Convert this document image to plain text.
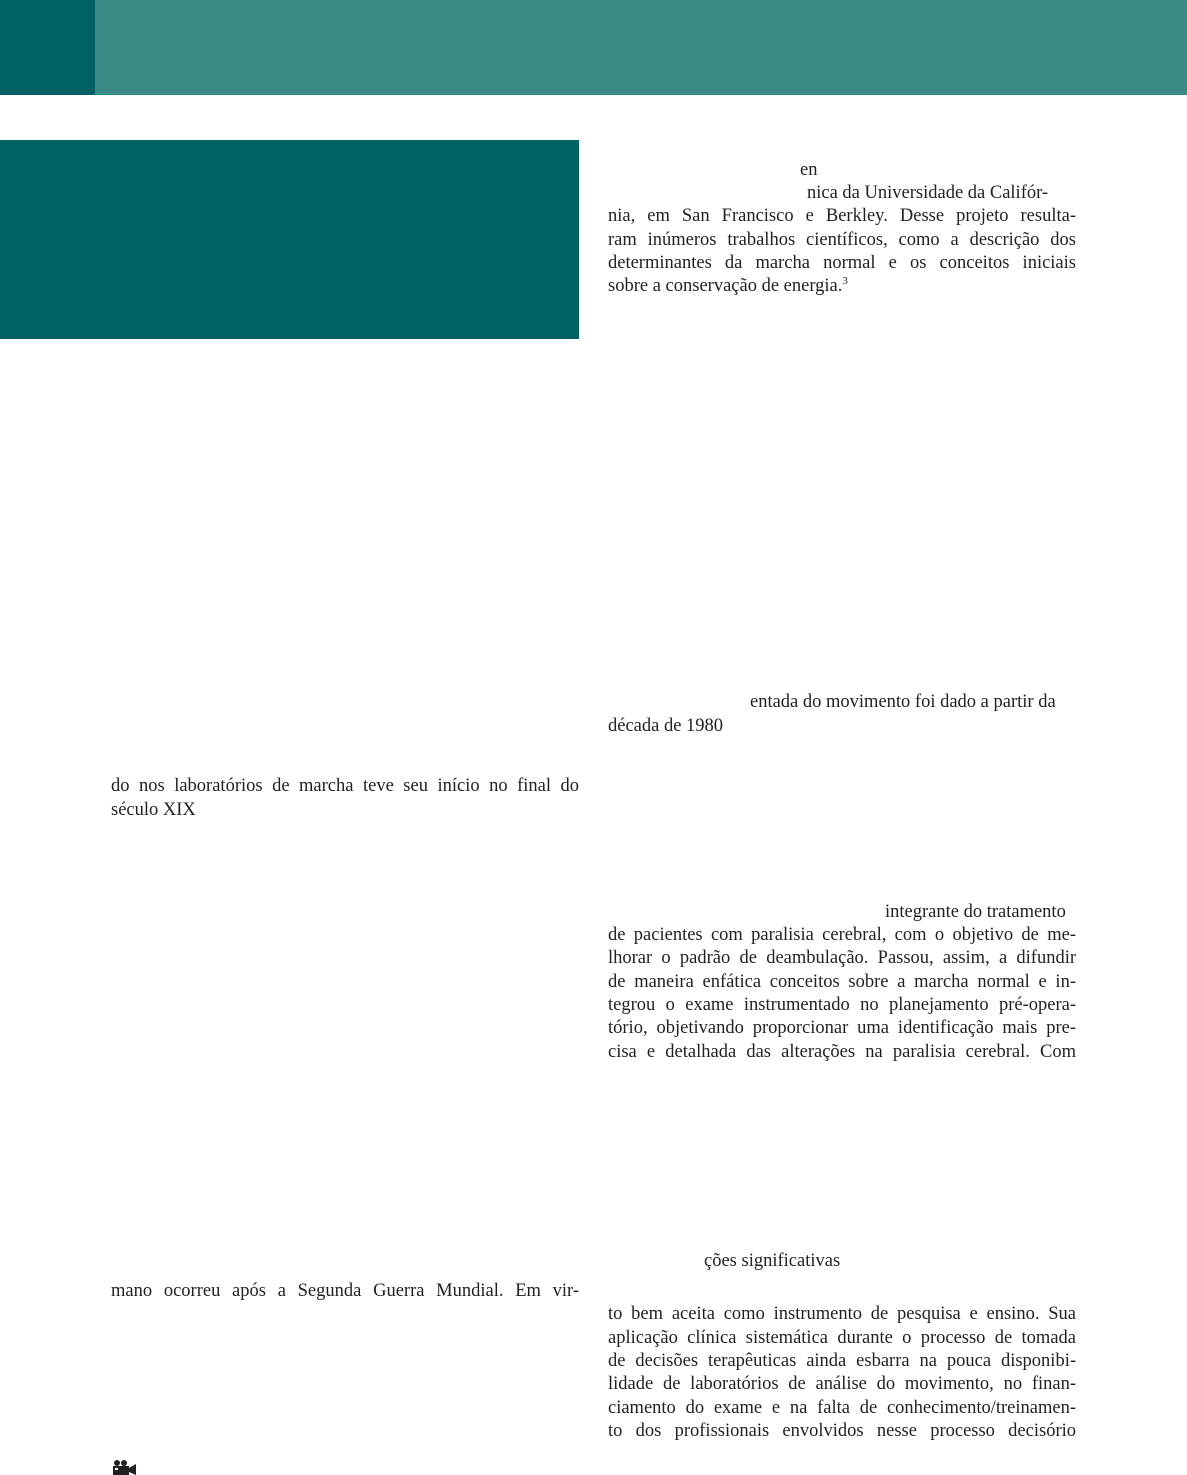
en
nica da Universidade da Califór-
nia, em San Francisco e Berkley. Desse projeto resulta-
ram inúmeros trabalhos científicos, como a descrição dos
determinantes da marcha normal e os conceitos iniciais
sobre a conservação de energia.$^3$
entada do movimento foi dado a partir da
década de 1980
do nos laboratórios de marcha teve seu início no final do
século XIX
integrante do tratamento
de pacientes com paralisia cerebral, com o objetivo de me-
lhorar o padrão de deambulação. Passou, assim, a difundir
de maneira enfática conceitos sobre a marcha normal e in-
tegrou o exame instrumentado no planejamento pré-opera-
tório, objetivando proporcionar uma identificação mais pre-
cisa e detalhada das alterações na paralisia cerebral. Com
ções significativas
mano ocorreu após a Segunda Guerra Mundial. Em vir-
to bem aceita como instrumento de pesquisa e ensino. Sua
aplicação clínica sistemática durante o processo de tomada
de decisões terapêuticas ainda esbarra na pouca disponibi-
lidade de laboratórios de análise do movimento, no finan-
ciamento do exame e na falta de conhecimento/treinamen-
to dos profissionais envolvidos nesse processo decisório
